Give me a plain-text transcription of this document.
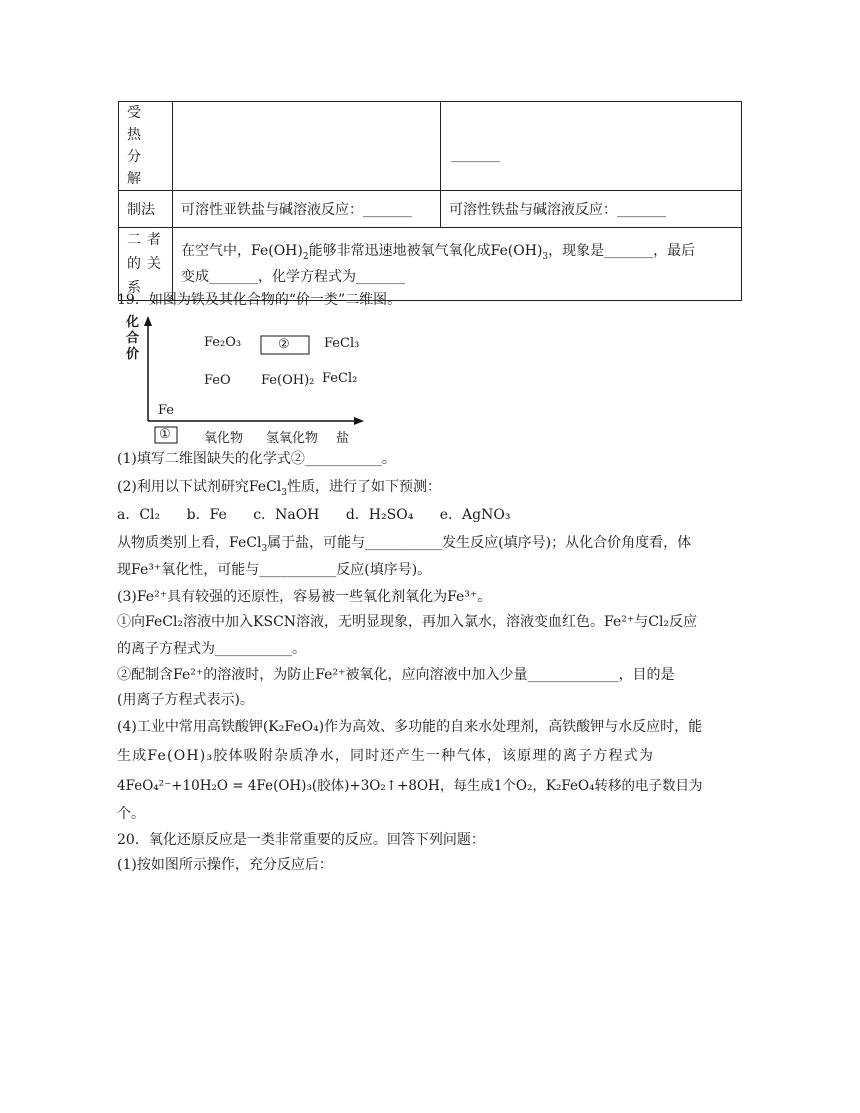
受热分解		_______

制法	可溶性亚铁盐与碱溶液反应：_______	可溶性铁盐与碱溶液反应：_______

二者的关系	在空气中，$Fe(OH)_2$能够非常迅速地被氧气氧化成$Fe(OH)_3$，现象是_______，最后
变成_______，化学方程式为_______	
19．如图为铁及其化合物的“价一类”二维图。
化合价
Fe₂O₃	②	FeCl₃
FeO Fe(OH)₂ FeCl₂
Fe
①	氧化物 氢氧化物 盐
(1)填写二维图缺失的化学式②___________。
(2)利用以下试剂研究FeCl$_3$性质，进行了如下预测：
a．Cl₂ b．Fe c．NaOH d．H₂SO₄ e．AgNO₃
从物质类别上看，FeCl$_3$属于盐，可能与___________发生反应(填序号)；从化合价角度看，体
现Fe³⁺氧化性，可能与___________反应(填序号)。
(3)Fe²⁺具有较强的还原性，容易被一些氧化剂氧化为Fe³⁺。
①向FeCl₂溶液中加入KSCN溶液，无明显现象，再加入氯水，溶液变血红色。Fe²⁺与Cl₂反应
的离子方程式为___________。
②配制含Fe²⁺的溶液时，为防止Fe²⁺被氧化，应向溶液中加入少量_____________，目的是
(用离子方程式表示)。
(4)工业中常用高铁酸钾(K₂FeO₄)作为高效、多功能的自来水处理剂，高铁酸钾与水反应时，能
生成Fe(OH)₃胶体吸附杂质净水，同时还产生一种气体，该原理的离子方程式为
4FeO₄²⁻+10H₂O = 4Fe(OH)₃(胶体)+3O₂↑+8OH，每生成1个O₂，K₂FeO₄转移的电子数目为
个。
20．氧化还原反应是一类非常重要的反应。回答下列问题：
(1)按如图所示操作，充分反应后：
